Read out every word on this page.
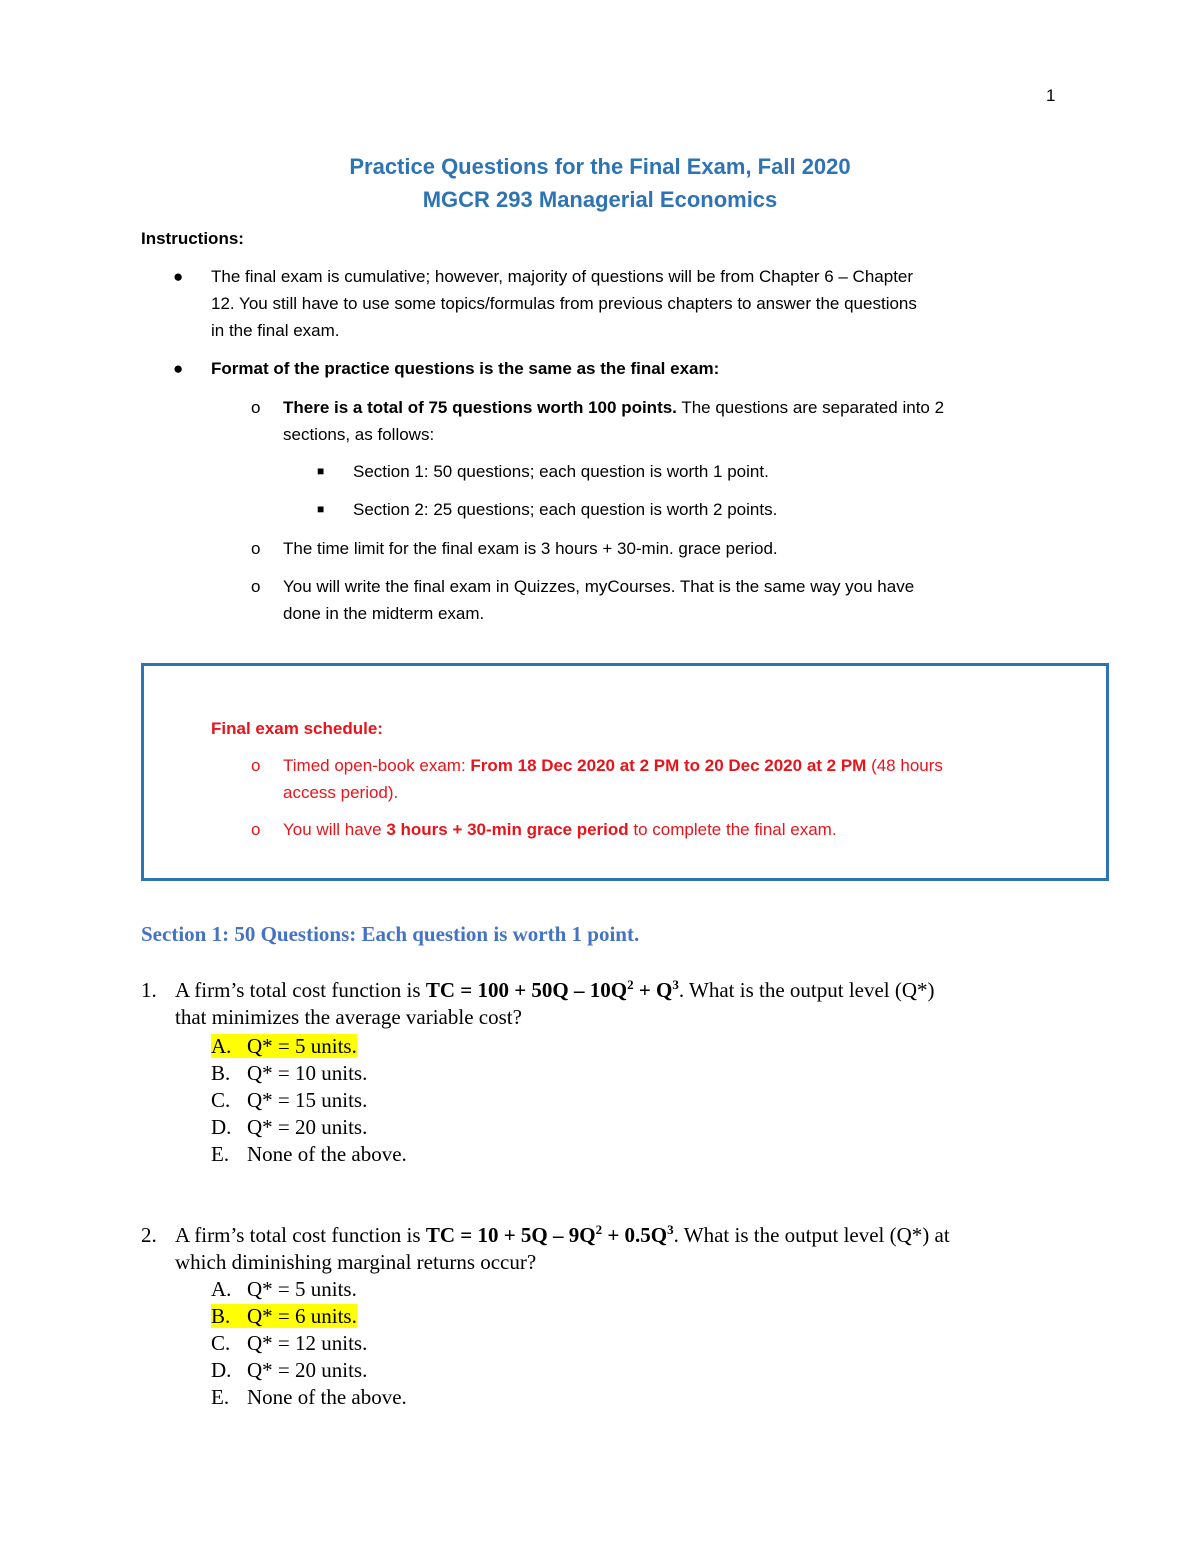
1
Practice Questions for the Final Exam, Fall 2020
MGCR 293 Managerial Economics
Instructions:
● The final exam is cumulative; however, majority of questions will be from Chapter 6 – Chapter
12. You still have to use some topics/formulas from previous chapters to answer the questions
in the final exam.
● Format of the practice questions is the same as the final exam:
o There is a total of 75 questions worth 100 points. The questions are separated into 2
sections, as follows:
■ Section 1: 50 questions; each question is worth 1 point.
■ Section 2: 25 questions; each question is worth 2 points.
o The time limit for the final exam is 3 hours + 30-min. grace period.
o You will write the final exam in Quizzes, myCourses. That is the same way you have
done in the midterm exam.
Final exam schedule:
o Timed open-book exam: From 18 Dec 2020 at 2 PM to 20 Dec 2020 at 2 PM (48 hours
access period).
o You will have 3 hours + 30-min grace period to complete the final exam.
Section 1: 50 Questions: Each question is worth 1 point.
1. A firm’s total cost function is TC = $100 + 50Q - 10Q^2 + Q^3$. What is the output level (Q*)
that minimizes the average variable cost?
A. Q* = 5 units.
B. Q* = 10 units.
C. Q* = 15 units.
D. Q* = 20 units.
E. None of the above.
2. A firm’s total cost function is TC = $10 + 5Q - 9Q^2 + 0.5Q^3$. What is the output level (Q*) at
which diminishing marginal returns occur?
A. Q* = 5 units.
B. Q* = 6 units.
C. Q* = 12 units.
D. Q* = 20 units.
E. None of the above.
